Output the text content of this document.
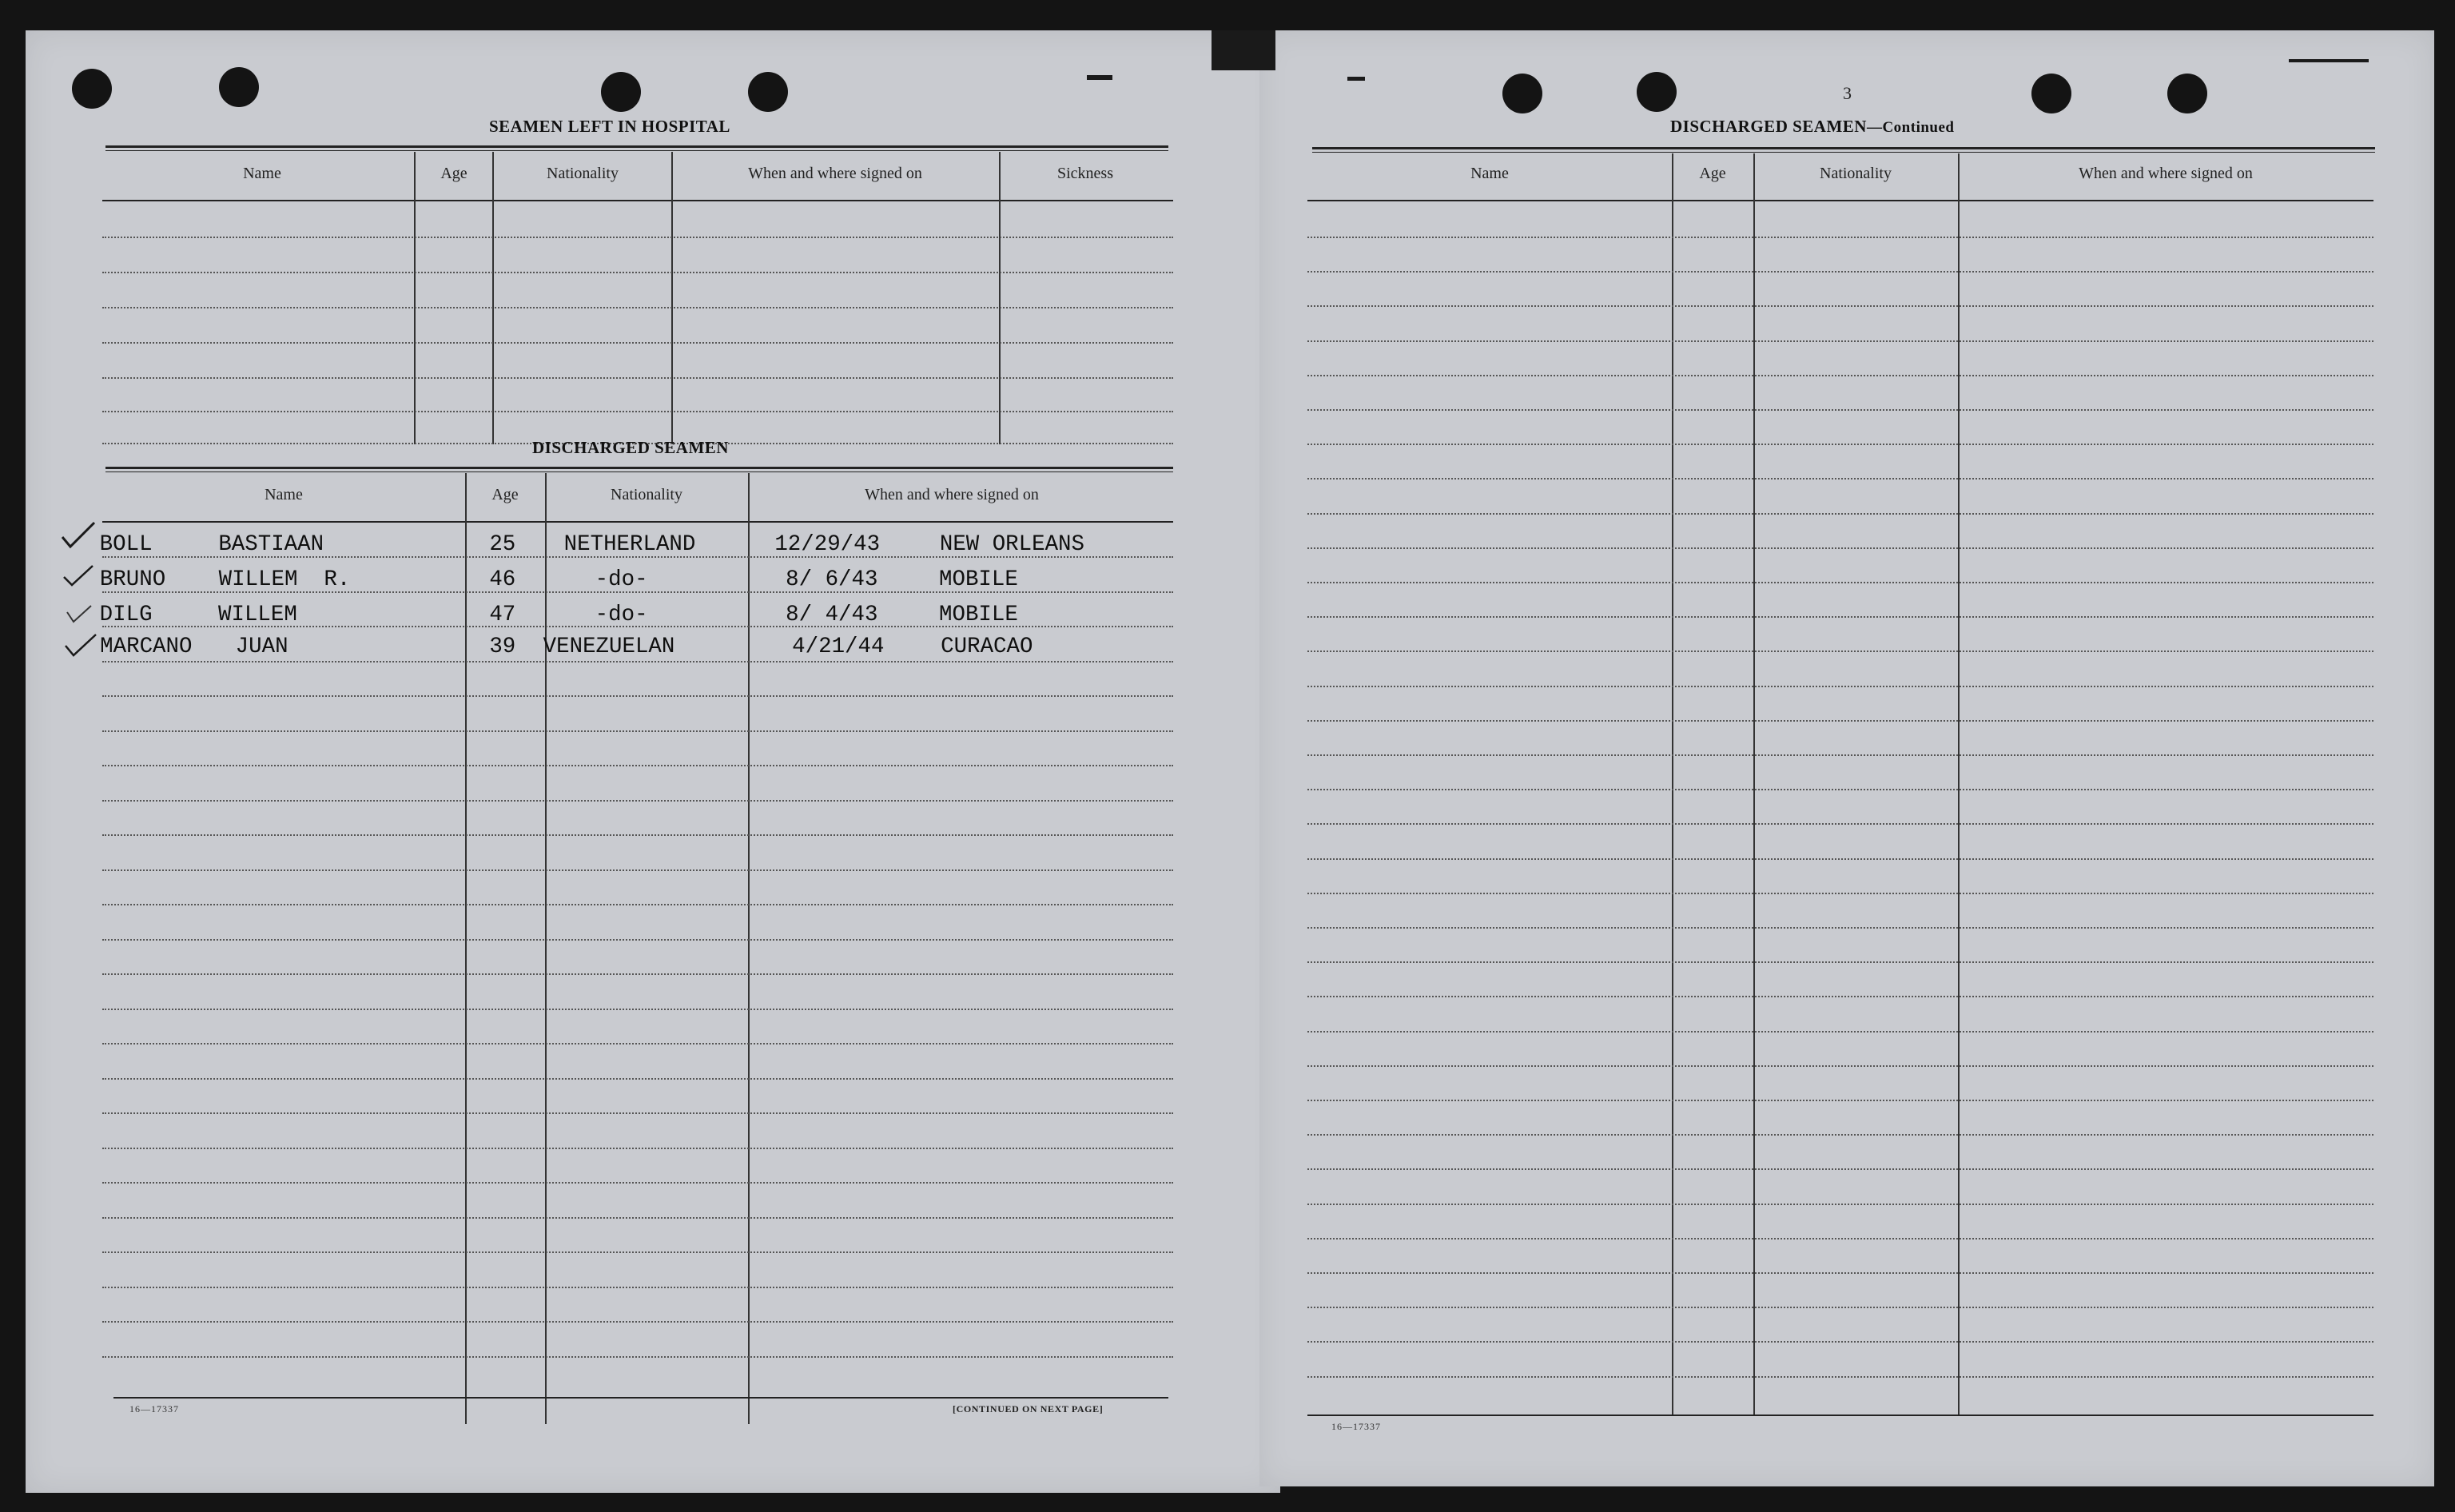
SEAMEN LEFT IN HOSPITAL
Name	Age	Nationality	When and where signed on	Sickness
DISCHARGED SEAMEN
Name	Age	Nationality	When and where signed on
BOLL	BASTIAAN	25 NETHERLAND	12/29/43	NEW ORLEANS
BRUNO WILLEM  R.	46	-do-	8/ 6/43	MOBILE
DILG	WILLEM	47	-do-	8/ 4/43	MOBILE
MARCANO JUAN	39 VENEZUELAN	4/21/44	CURACAO
16—17337	[CONTINUED ON NEXT PAGE]
3
DISCHARGED SEAMEN—Continued
Name	Age	Nationality	When and where signed on
16—17337
